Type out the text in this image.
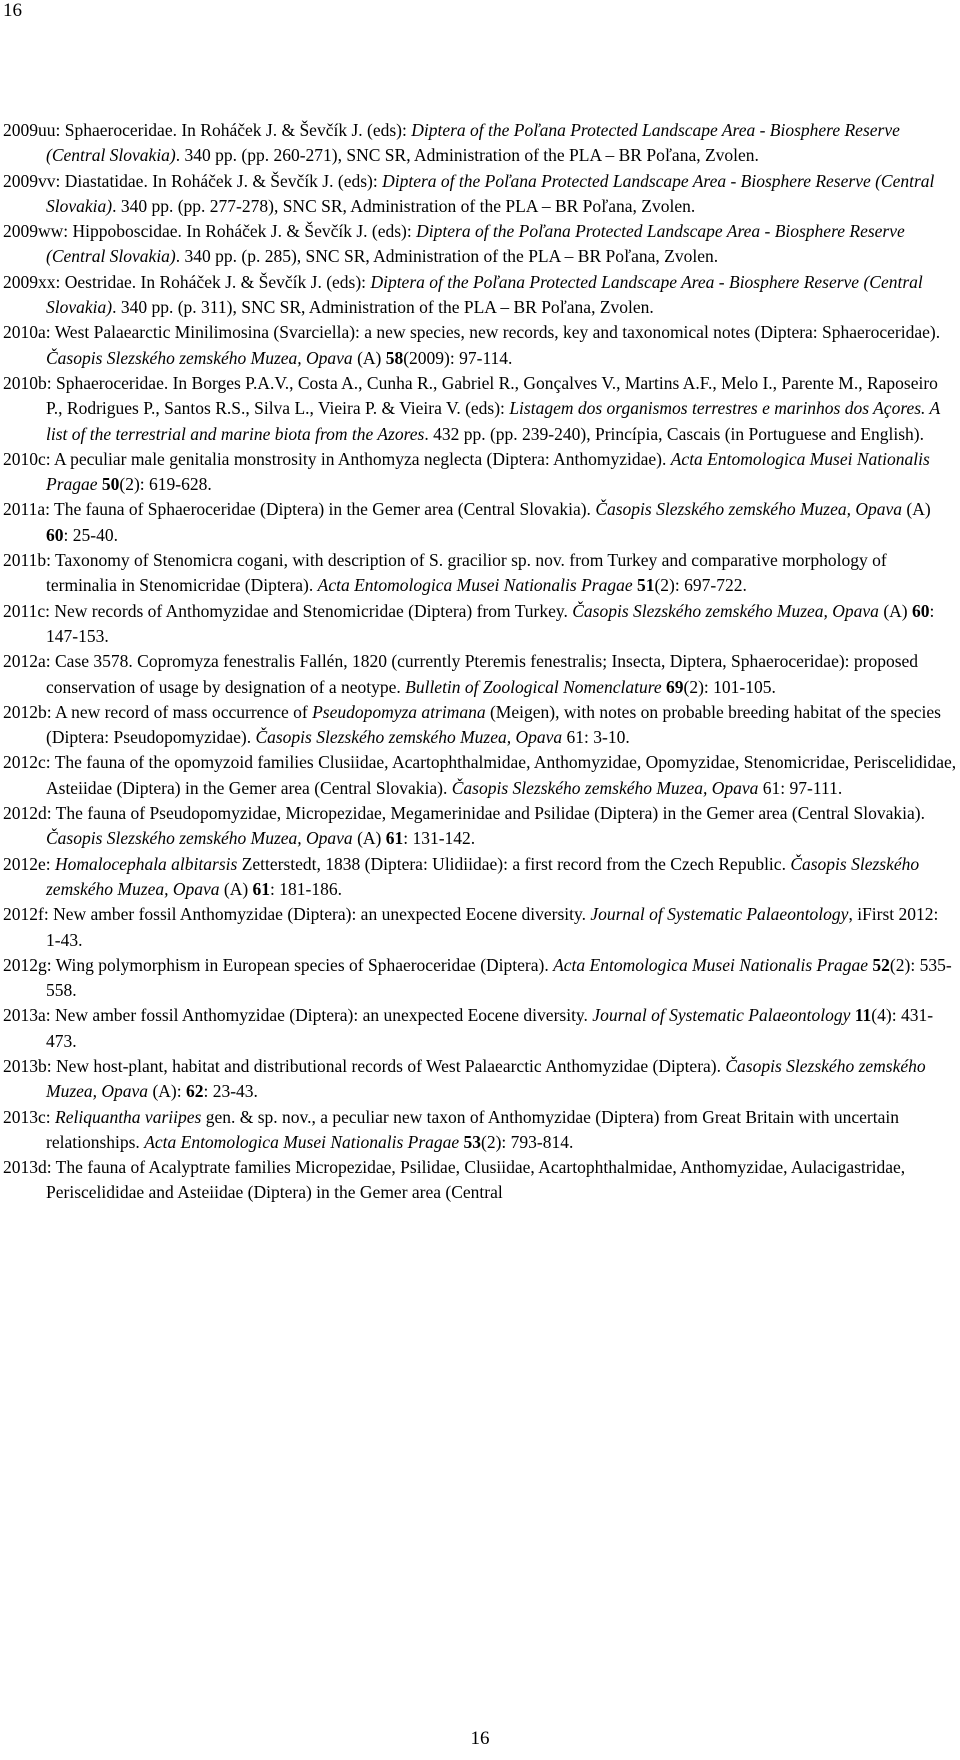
16

2009uu: Sphaeroceridae. In Roháček J. & Ševčík J. (eds): Diptera of the Poľana Protected Landscape Area - Biosphere Reserve (Central Slovakia). 340 pp. (pp. 260-271), SNC SR, Administration of the PLA – BR Poľana, Zvolen.

2009vv: Diastatidae. In Roháček J. & Ševčík J. (eds): Diptera of the Poľana Protected Landscape Area - Biosphere Reserve (Central Slovakia). 340 pp. (pp. 277-278), SNC SR, Administration of the PLA – BR Poľana, Zvolen.

2009ww: Hippoboscidae. In Roháček J. & Ševčík J. (eds): Diptera of the Poľana Protected Landscape Area - Biosphere Reserve (Central Slovakia). 340 pp. (p. 285), SNC SR, Administration of the PLA – BR Poľana, Zvolen.

2009xx: Oestridae. In Roháček J. & Ševčík J. (eds): Diptera of the Poľana Protected Landscape Area - Biosphere Reserve (Central Slovakia). 340 pp. (p. 311), SNC SR, Administration of the PLA – BR Poľana, Zvolen.

2010a: West Palaearctic Minilimosina (Svarciella): a new species, new records, key and taxonomical notes (Diptera: Sphaeroceridae). Časopis Slezského zemského Muzea, Opava (A) 58(2009): 97-114.

2010b: Sphaeroceridae. In Borges P.A.V., Costa A., Cunha R., Gabriel R., Gonçalves V., Martins A.F., Melo I., Parente M., Raposeiro P., Rodrigues P., Santos R.S., Silva L., Vieira P. & Vieira V. (eds): Listagem dos organismos terrestres e marinhos dos Açores. A list of the terrestrial and marine biota from the Azores. 432 pp. (pp. 239-240), Princípia, Cascais (in Portuguese and English).

2010c: A peculiar male genitalia monstrosity in Anthomyza neglecta (Diptera: Anthomyzidae). Acta Entomologica Musei Nationalis Pragae 50(2): 619-628.

2011a: The fauna of Sphaeroceridae (Diptera) in the Gemer area (Central Slovakia). Časopis Slezského zemského Muzea, Opava (A) 60: 25-40.

2011b: Taxonomy of Stenomicra cogani, with description of S. gracilior sp. nov. from Turkey and comparative morphology of terminalia in Stenomicridae (Diptera). Acta Entomologica Musei Nationalis Pragae 51(2): 697-722.

2011c: New records of Anthomyzidae and Stenomicridae (Diptera) from Turkey. Časopis Slezského zemského Muzea, Opava (A) 60: 147-153.

2012a: Case 3578. Copromyza fenestralis Fallén, 1820 (currently Pteremis fenestralis; Insecta, Diptera, Sphaeroceridae): proposed conservation of usage by designation of a neotype. Bulletin of Zoological Nomenclature 69(2): 101-105.

2012b: A new record of mass occurrence of Pseudopomyza atrimana (Meigen), with notes on probable breeding habitat of the species (Diptera: Pseudopomyzidae). Časopis Slezského zemského Muzea, Opava 61: 3-10.

2012c: The fauna of the opomyzoid families Clusiidae, Acartophthalmidae, Anthomyzidae, Opomyzidae, Stenomicridae, Periscelididae, Asteiidae (Diptera) in the Gemer area (Central Slovakia). Časopis Slezského zemského Muzea, Opava 61: 97-111.

2012d: The fauna of Pseudopomyzidae, Micropezidae, Megamerinidae and Psilidae (Diptera) in the Gemer area (Central Slovakia). Časopis Slezského zemského Muzea, Opava (A) 61: 131-142.

2012e: Homalocephala albitarsis Zetterstedt, 1838 (Diptera: Ulidiidae): a first record from the Czech Republic. Časopis Slezského zemského Muzea, Opava (A) 61: 181-186.

2012f: New amber fossil Anthomyzidae (Diptera): an unexpected Eocene diversity. Journal of Systematic Palaeontology, iFirst 2012: 1-43.

2012g: Wing polymorphism in European species of Sphaeroceridae (Diptera). Acta Entomologica Musei Nationalis Pragae 52(2): 535-558.

2013a: New amber fossil Anthomyzidae (Diptera): an unexpected Eocene diversity. Journal of Systematic Palaeontology 11(4): 431-473.

2013b: New host-plant, habitat and distributional records of West Palaearctic Anthomyzidae (Diptera). Časopis Slezského zemského Muzea, Opava (A): 62: 23-43.

2013c: Reliquantha variipes gen. & sp. nov., a peculiar new taxon of Anthomyzidae (Diptera) from Great Britain with uncertain relationships. Acta Entomologica Musei Nationalis Pragae 53(2): 793-814.

2013d: The fauna of Acalyptrate families Micropezidae, Psilidae, Clusiidae, Acartophthalmidae, Anthomyzidae, Aulacigastridae, Periscelididae and Asteiidae (Diptera) in the Gemer area (Central

16
